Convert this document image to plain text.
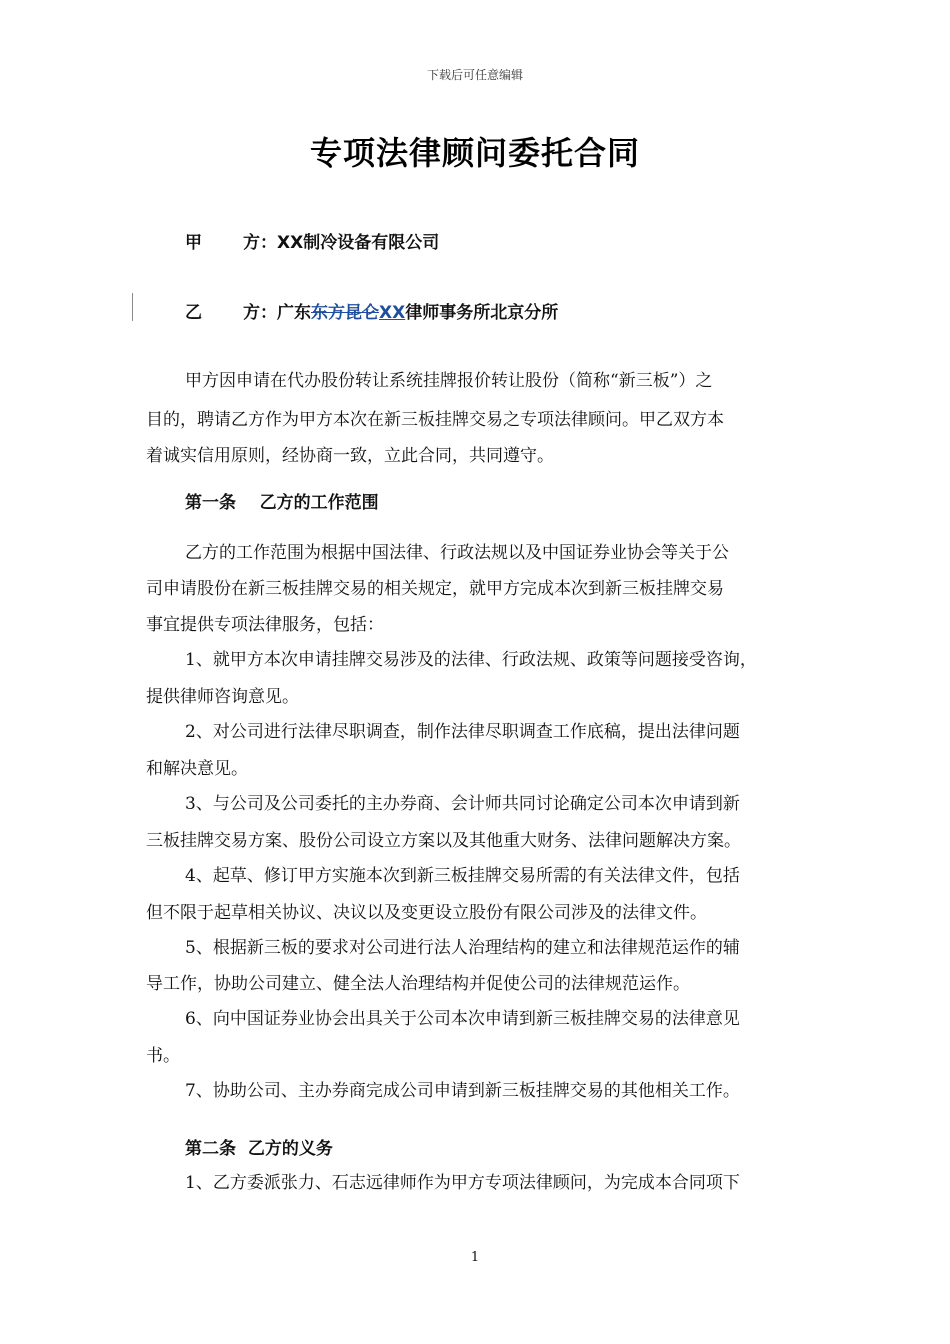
下载后可任意编辑
专项法律顾问委托合同
甲 方：XX制冷设备有限公司
乙 方：广东东方昆仑XX律师事务所北京分所
甲方因申请在代办股份转让系统挂牌报价转让股份（简称“新三板”）之
目的，聘请乙方作为甲方本次在新三板挂牌交易之专项法律顾问。甲乙双方本
着诚实信用原则，经协商一致，立此合同，共同遵守。
第一条    乙方的工作范围
乙方的工作范围为根据中国法律、行政法规以及中国证券业协会等关于公
司申请股份在新三板挂牌交易的相关规定，就甲方完成本次到新三板挂牌交易
事宜提供专项法律服务，包括：
1、就甲方本次申请挂牌交易涉及的法律、行政法规、政策等问题接受咨询，
提供律师咨询意见。
2、对公司进行法律尽职调查，制作法律尽职调查工作底稿，提出法律问题
和解决意见。
3、与公司及公司委托的主办券商、会计师共同讨论确定公司本次申请到新
三板挂牌交易方案、股份公司设立方案以及其他重大财务、法律问题解决方案。
4、起草、修订甲方实施本次到新三板挂牌交易所需的有关法律文件，包括
但不限于起草相关协议、决议以及变更设立股份有限公司涉及的法律文件。
5、根据新三板的要求对公司进行法人治理结构的建立和法律规范运作的辅
导工作，协助公司建立、健全法人治理结构并促使公司的法律规范运作。
6、向中国证券业协会出具关于公司本次申请到新三板挂牌交易的法律意见
书。
7、协助公司、主办券商完成公司申请到新三板挂牌交易的其他相关工作。
第二条  乙方的义务
1、乙方委派张力、石志远律师作为甲方专项法律顾问，为完成本合同项下
1
